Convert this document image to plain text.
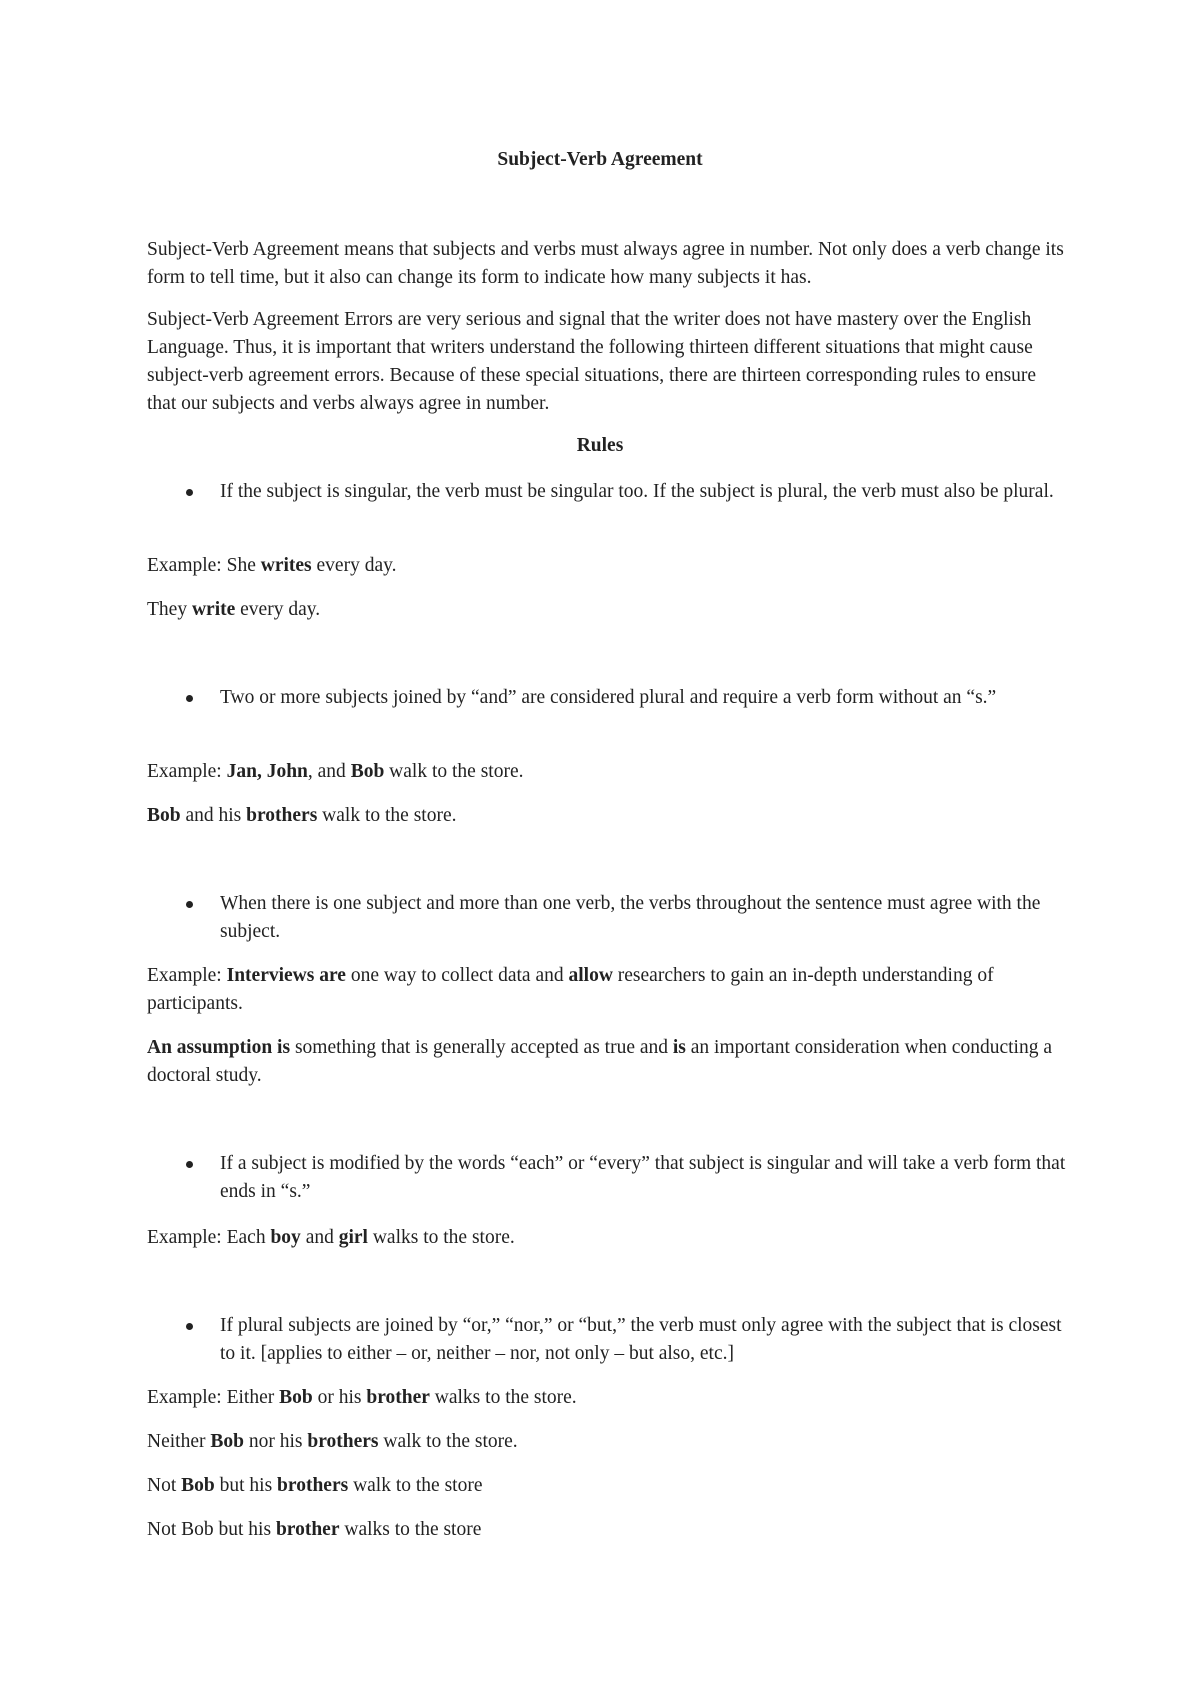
Subject-Verb Agreement

Subject-Verb Agreement means that subjects and verbs must always agree in number. Not only does a verb change its form to tell time, but it also can change its form to indicate how many subjects it has.

Subject-Verb Agreement Errors are very serious and signal that the writer does not have mastery over the English Language. Thus, it is important that writers understand the following thirteen different situations that might cause subject-verb agreement errors. Because of these special situations, there are thirteen corresponding rules to ensure that our subjects and verbs always agree in number.

Rules
If the subject is singular, the verb must be singular too. If the subject is plural, the verb must also be plural.

Example: She writes every day.

They write every day.

Two or more subjects joined by “and” are considered plural and require a verb form without an “s.”

Example: Jan, John, and Bob walk to the store.

Bob and his brothers walk to the store.

When there is one subject and more than one verb, the verbs throughout the sentence must agree with the subject.

Example: Interviews are one way to collect data and allow researchers to gain an in-depth understanding of participants.

An assumption is something that is generally accepted as true and is an important consideration when conducting a doctoral study.

If a subject is modified by the words “each” or “every” that subject is singular and will take a verb form that ends in “s.”

Example: Each boy and girl walks to the store.

If plural subjects are joined by “or,” “nor,” or “but,” the verb must only agree with the subject that is closest to it. [applies to either – or, neither – nor, not only – but also, etc.]

Example: Either Bob or his brother walks to the store.

Neither Bob nor his brothers walk to the store.

Not Bob but his brothers walk to the store

Not Bob but his brother walks to the store
